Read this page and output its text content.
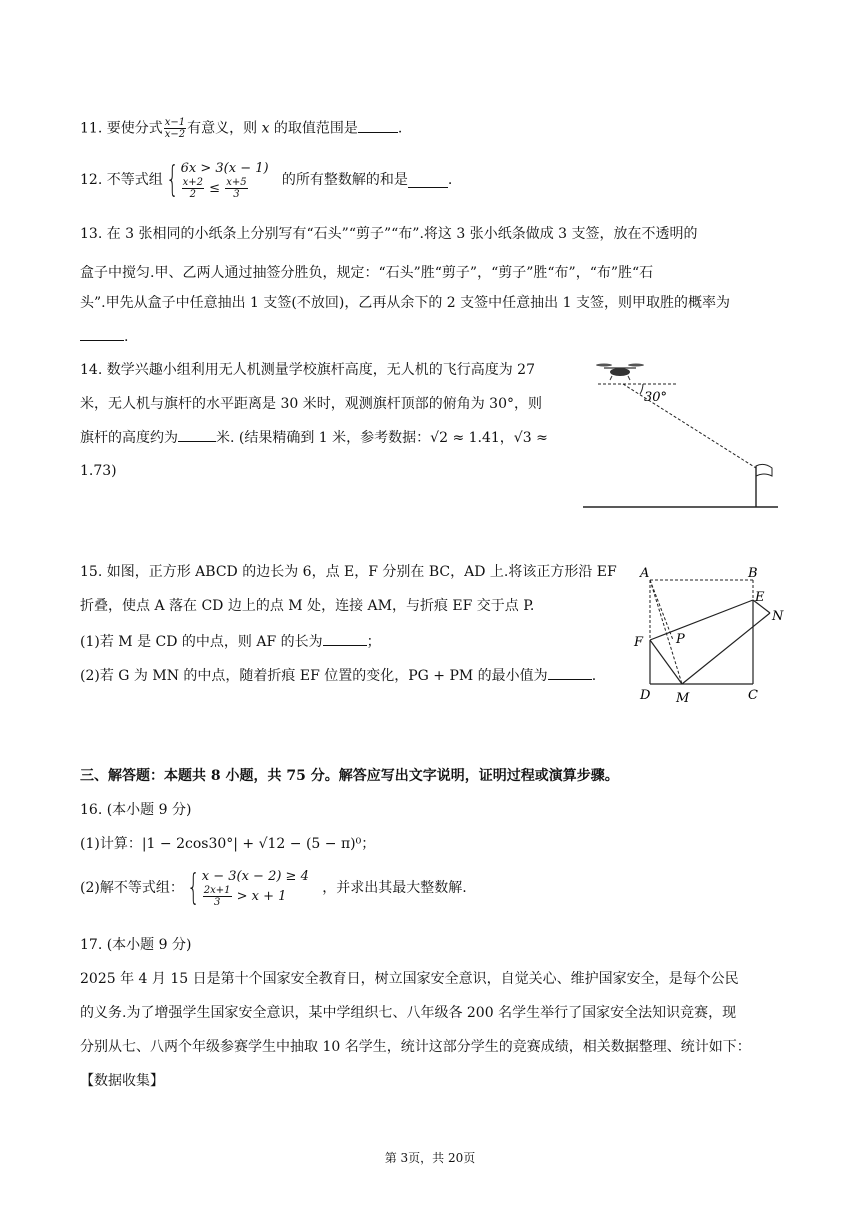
11. 要使分式 $\frac{x-1}{x-2}$ 有意义，则 x 的取值范围是	.
12. 不等式组{ 6x > 3(x − 1)
$\frac{x+2}{2} \le \frac{x+5}{3}$ 的所有整数解的和是	.
13. 在 3 张相同的小纸条上分别写有“石头”“剪子”“布”.将这 3 张小纸条做成 3 支签，放在不透明的
盒子中搅匀.甲、乙两人通过抽签分胜负，规定：“石头”胜“剪子”，“剪子”胜“布”，“布”胜“石
头”.甲先从盒子中任意抽出 1 支签(不放回)，乙再从余下的 2 支签中任意抽出 1 支签，则甲取胜的概率为
.
14. 数学兴趣小组利用无人机测量学校旗杆高度，无人机的飞行高度为 27
米，无人机与旗杆的水平距离是 30 米时，观测旗杆顶部的俯角为 30°，则
旗杆的高度约为	米. (结果精确到 1 米，参考数据：√2 ≈ 1.41，√3 ≈
1.73)
30°
15. 如图，正方形 ABCD 的边长为 6，点 E，F 分别在 BC，AD 上.将该正方形沿 EF
折叠，使点 A 落在 CD 边上的点 M 处，连接 AM，与折痕 EF 交于点 P.
(1)若 M 是 CD 的中点，则 AF 的长为	；
(2)若 G 为 MN 的中点，随着折痕 EF 位置的变化，PG + PM 的最小值为	.
A	B
E
N
F	P
D M	C
三、解答题：本题共 8 小题，共 75 分。解答应写出文字说明，证明过程或演算步骤。
16. (本小题 9 分)
(1)计算：|1 − 2cos30°| + √12 − (5 − π)⁰；
(2)解不等式组：{ x − 3(x − 2) ≥ 4
$\frac{2x+1}{3} > x + 1$
，并求出其最大整数解.
17. (本小题 9 分)
2025 年 4 月 15 日是第十个国家安全教育日，树立国家安全意识，自觉关心、维护国家安全，是每个公民
的义务.为了增强学生国家安全意识，某中学组织七、八年级各 200 名学生举行了国家安全法知识竞赛，现
分别从七、八两个年级参赛学生中抽取 10 名学生，统计这部分学生的竞赛成绩，相关数据整理、统计如下：
【数据收集】
第 3页，共 20页
